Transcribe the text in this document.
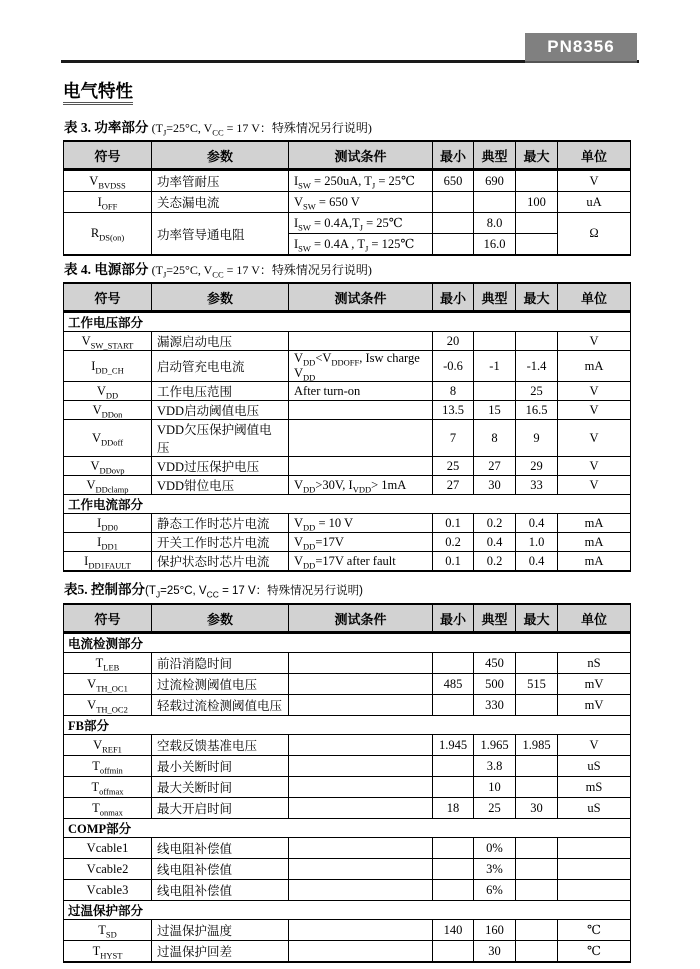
PN8356
电气特性
表 3. 功率部分 ($T_J=25^\circ C$, $V_{CC} = 17$ V：特殊情况另行说明)
符号	参数	测试条件	最小	典型	最大	单位
$V_{BVDSS}$	功率管耐压	$I_{SW} = 250uA$, $T_J$ = 25℃	650	690		V
$I_{OFF}$	关态漏电流	$V_{SW} = 650$ V			100	uA
$R_{DS(on)}$	功率管导通电阻	$I_{SW} = 0.4A,T_J$ = 25℃		8.0		Ω
		$I_{SW} = 0.4A$ , $T_J$ = 125℃		16.0		
表 4. 电源部分 ($T_J=25^\circ C$, $V_{CC} = 17$ V：特殊情况另行说明)
符号	参数	测试条件	最小	典型	最大	单位
工作电压部分						
$V_{SW\_START}$	漏源启动电压		20			V
$I_{DD\_CH}$	启动管充电电流	$V_{DD}<V_{DDOFF}$, Isw charge $V_{DD}$	-0.6	-1	-1.4	mA
$V_{DD}$	工作电压范围	After turn-on	8		25	V
$V_{DDon}$	VDD启动阈值电压		13.5	15	16.5	V
$V_{DDoff}$	VDD欠压保护阈值电压		7	8	9	V
$V_{DDovp}$	VDD过压保护电压		25	27	29	V
$V_{DDclamp}$	VDD钳位电压	$V_{DD}>30V$, $I_{VDD}> 1mA$	27	30	33	V
工作电流部分						
$I_{DD0}$	静态工作时芯片电流	$V_{DD} = 10$ V	0.1	0.2	0.4	mA
$I_{DD1}$	开关工作时芯片电流	$V_{DD}=17V$	0.2	0.4	1.0	mA
$I_{DD1FAULT}$	保护状态时芯片电流	$V_{DD}=17V$ after fault	0.1	0.2	0.4	mA
表5. 控制部分($T_J=25^\circ C$, $V_{CC} = 17$ V：特殊情况另行说明)
符号	参数	测试条件	最小	典型	最大	单位
电流检测部分						
$T_{LEB}$	前沿消隐时间			450		nS
$V_{TH\_OC1}$	过流检测阈值电压		485	500	515	mV
$V_{TH\_OC2}$	轻载过流检测阈值电压			330		mV
FB部分						
$V_{REF1}$	空载反馈基准电压		1.945	1.965	1.985	V
$T_{offmin}$	最小关断时间			3.8		uS
$T_{offmax}$	最大关断时间			10		mS
$T_{onmax}$	最大开启时间		18	25	30	uS
COMP部分						
Vcable1	线电阻补偿值			0%		
Vcable2	线电阻补偿值			3%		
Vcable3	线电阻补偿值			6%		
过温保护部分						
$T_{SD}$	过温保护温度		140	160		℃
$T_{HYST}$	过温保护回差			30		℃
